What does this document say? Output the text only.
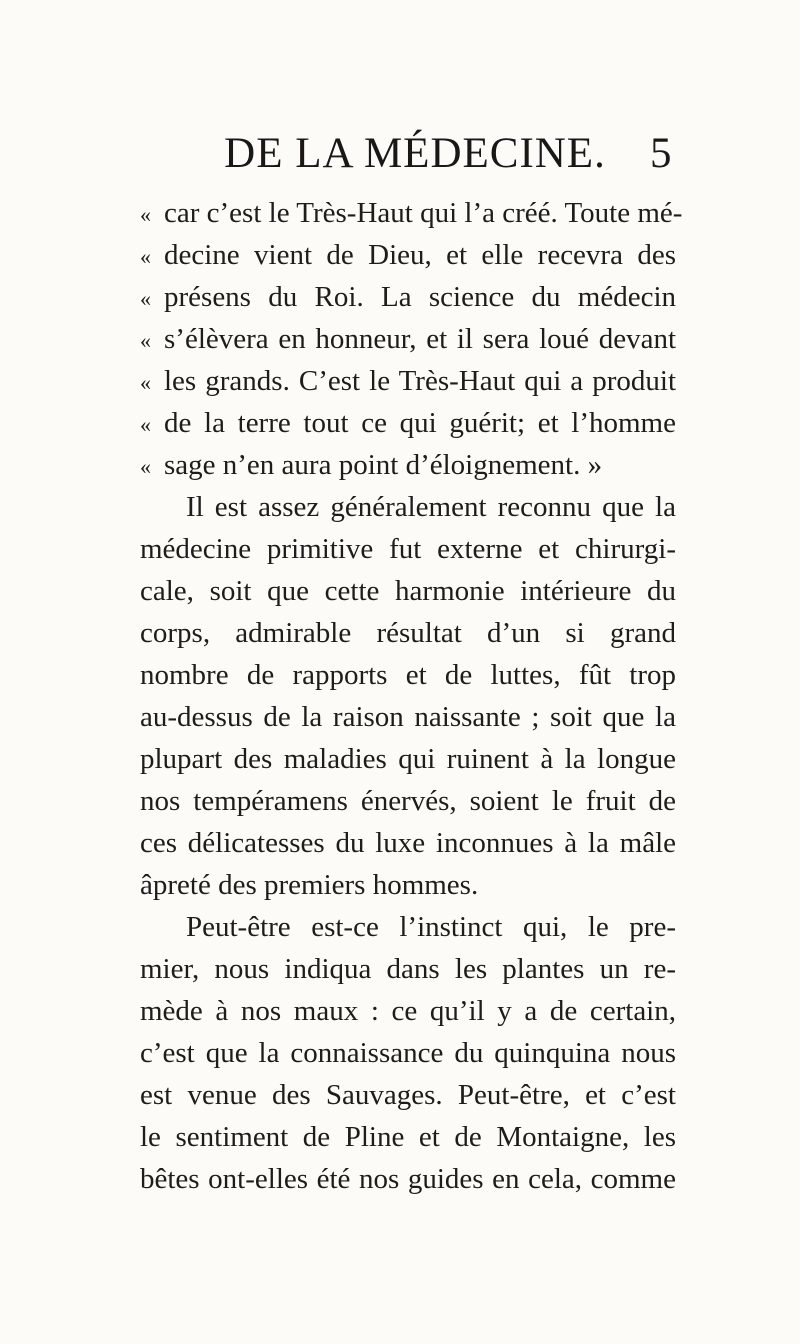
DE LA MÉDECINE.	5
« car c’est le Très-Haut qui l’a créé. Toute mé-
« decine vient de Dieu, et elle recevra des
« présens du Roi. La science du médecin
« s’élèvera en honneur, et il sera loué devant
« les grands. C’est le Très-Haut qui a produit
« de la terre tout ce qui guérit; et l’homme
« sage n’en aura point d’éloignement. »
Il est assez généralement reconnu que la
médecine primitive fut externe et chirurgi-
cale, soit que cette harmonie intérieure du
corps, admirable résultat d’un si grand
nombre de rapports et de luttes, fût trop
au-dessus de la raison naissante ; soit que la
plupart des maladies qui ruinent à la longue
nos tempéramens énervés, soient le fruit de
ces délicatesses du luxe inconnues à la mâle
âpreté des premiers hommes.
Peut-être est-ce l’instinct qui, le pre-
mier, nous indiqua dans les plantes un re-
mède à nos maux : ce qu’il y a de certain,
c’est que la connaissance du quinquina nous
est venue des Sauvages. Peut-être, et c’est
le sentiment de Pline et de Montaigne, les
bêtes ont-elles été nos guides en cela, comme
